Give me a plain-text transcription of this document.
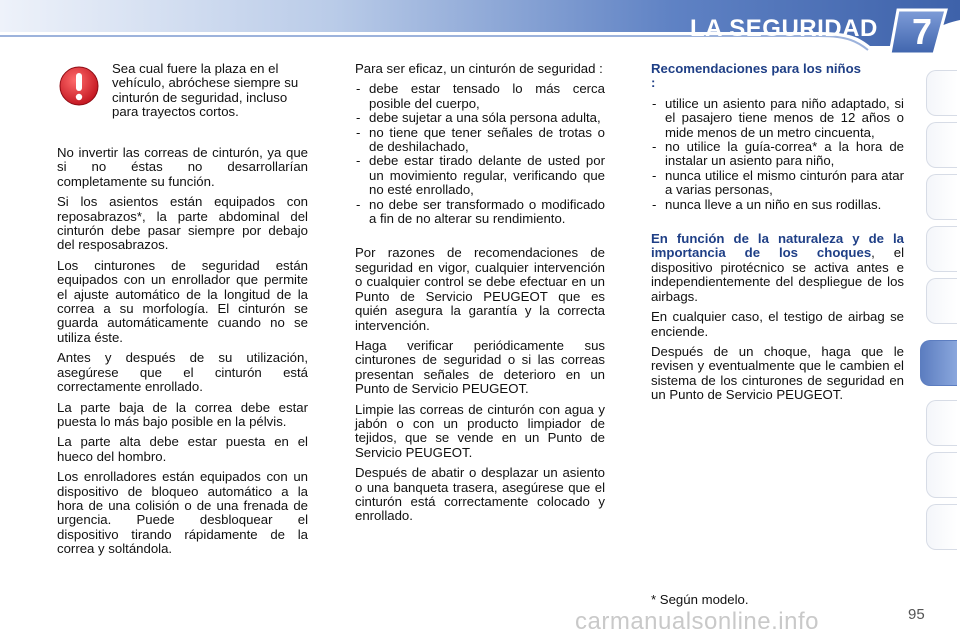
LA SEGURIDAD 7
Sea cual fuere la plaza en el vehículo, abróchese siempre su cinturón de seguridad, incluso para trayectos cortos.

No invertir las correas de cinturón, ya que si no éstas no desarrollarían completamente su función.

Si los asientos están equipados con reposabrazos*, la parte abdominal del cinturón debe pasar siempre por debajo del resposabrazos.

Los cinturones de seguridad están equipados con un enrollador que permite el ajuste automático de la longitud de la correa a su morfología. El cinturón se guarda automáticamente cuando no se utiliza éste.

Antes y después de su utilización, asegúrese que el cinturón está correctamente enrollado.

La parte baja de la correa debe estar puesta lo más bajo posible en la pélvis.

La parte alta debe estar puesta en el hueco del hombro.

Los enrolladores están equipados con un dispositivo de bloqueo automático a la hora de una colisión o de una frenada de urgencia. Puede desbloquear el dispositivo tirando rápidamente de la correa y soltándola.

Para ser eficaz, un cinturón de seguridad :

- debe estar tensado lo más cerca posible del cuerpo,
- debe sujetar a una sóla persona adulta,
- no tiene que tener señales de trotas o de deshilachado,
- debe estar tirado delante de usted por un movimiento regular, verificando que no esté enrollado,
- no debe ser transformado o modificado a fin de no alterar su rendimiento.

Por razones de recomendaciones de seguridad en vigor, cualquier intervención o cualquier control se debe efectuar en un Punto de Servicio PEUGEOT que es quién asegura la garantía y la correcta intervención.

Haga verificar periódicamente sus cinturones de seguridad o si las correas presentan señales de deterioro en un Punto de Servicio PEUGEOT.

Limpie las correas de cinturón con agua y jabón o con un producto limpiador de tejidos, que se vende en un Punto de Servicio PEUGEOT.

Después de abatir o desplazar un asiento o una banqueta trasera, asegúrese que el cinturón está correctamente colocado y enrollado.

Recomendaciones para los niños :

- utilice un asiento para niño adaptado, si el pasajero tiene menos de 12 años o mide menos de un metro cincuenta,
- no utilice la guía-correa* a la hora de instalar un asiento para niño,
- nunca utilice el mismo cinturón para atar a varias personas,
- nunca lleve a un niño en sus rodillas.

En función de la naturaleza y de la importancia de los choques, el dispositivo pirotécnico se activa antes e independientemente del despliegue de los airbags.

En cualquier caso, el testigo de airbag se enciende.

Después de un choque, haga que le revisen y eventualmente que le cambien el sistema de los cinturones de seguridad en un Punto de Servicio PEUGEOT.

* Según modelo.
carmanualsonline.info	95
